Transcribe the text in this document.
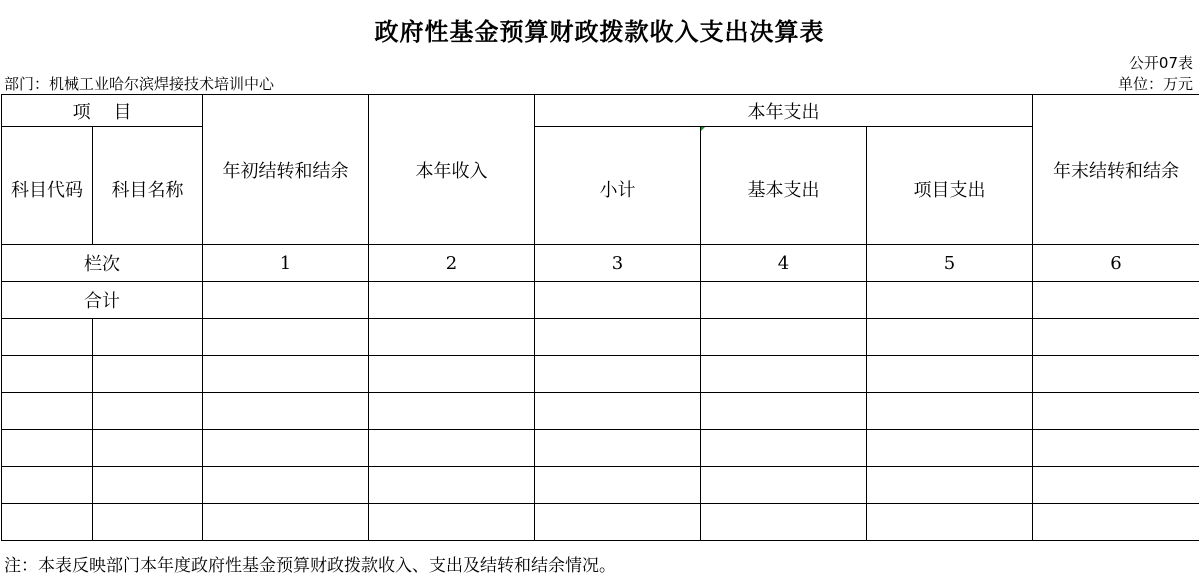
政府性基金预算财政拨款收入支出决算表
公开07表
部门：机械工业哈尔滨焊接技术培训中心	单位：万元
项    目		年初结转和结余	本年收入	本年支出			年末结转和结余
科目代码	科目名称			小计	基本支出	项目支出	
栏次		1	2	3	4	5	6
合计							

注：本表反映部门本年度政府性基金预算财政拨款收入、支出及结转和结余情况。
